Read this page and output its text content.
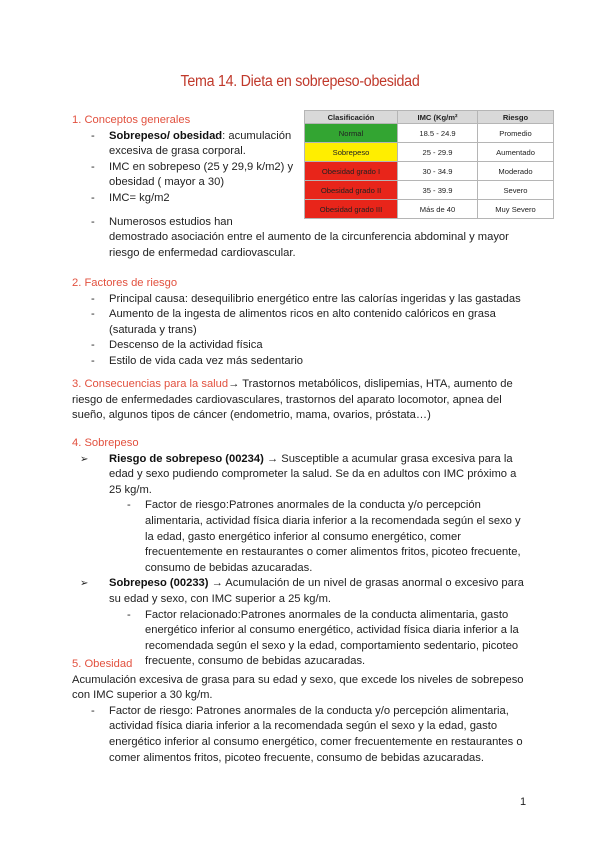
Tema 14. Dieta en sobrepeso-obesidad

1. Conceptos generales

- Sobrepeso/ obesidad: acumulación
excesiva de grasa corporal.
- IMC en sobrepeso (25 y 29,9 k/m2) y
obesidad ( mayor a 30)
- IMC= kg/m2
- Numerosos estudios han
demostrado asociación entre el aumento de la circunferencia abdominal y mayor
riesgo de enfermedad cardiovascular.
Clasificación	IMC (Kg/m²	Riesgo
Normal	18.5 - 24.9	Promedio
Sobrepeso	25 - 29.9	Aumentado
Obesidad grado I	30 - 34.9	Moderado
Obesidad grado II	35 - 39.9	Severo
Obesidad grado III	Más de 40	Muy Severo

2. Factores de riesgo

- Principal causa: desequilibrio energético entre las calorías ingeridas y las gastadas
- Aumento de la ingesta de alimentos ricos en alto contenido calóricos en grasa
(saturada y trans)
- Descenso de la actividad física
- Estilo de vida cada vez más sedentario
3. Consecuencias para la salud→ Trastornos metabólicos, dislipemias, HTA, aumento de
riesgo de enfermedades cardiovasculares, trastornos del aparato locomotor, apnea del
sueño, algunos tipos de cáncer (endometrio, mama, ovarios, próstata…)

4. Sobrepeso

➢ Riesgo de sobrepeso (00234) → Susceptible a acumular grasa excesiva para la
edad y sexo pudiendo comprometer la salud. Se da en adultos con IMC próximo a
25 kg/m.
- Factor de riesgo:Patrones anormales de la conducta y/o percepción
alimentaria, actividad física diaria inferior a la recomendada según el sexo y
la edad, gasto energético inferior al consumo energético, comer
frecuentemente en restaurantes o comer alimentos fritos, picoteo frecuente,
consumo de bebidas azucaradas.
➢ Sobrepeso (00233) → Acumulación de un nivel de grasas anormal o excesivo para
su edad y sexo, con IMC superior a 25 kg/m.
- Factor relacionado:Patrones anormales de la conducta alimentaria, gasto
energético inferior al consumo energético, actividad física diaria inferior a la
recomendada según el sexo y la edad, comportamiento sedentario, picoteo
frecuente, consumo de bebidas azucaradas.

5. Obesidad

Acumulación excesiva de grasa para su edad y sexo, que excede los niveles de sobrepeso
con IMC superior a 30 kg/m.
- Factor de riesgo: Patrones anormales de la conducta y/o percepción alimentaria,
actividad física diaria inferior a la recomendada según el sexo y la edad, gasto
energético inferior al consumo energético, comer frecuentemente en restaurantes o
comer alimentos fritos, picoteo frecuente, consumo de bebidas azucaradas.
1
